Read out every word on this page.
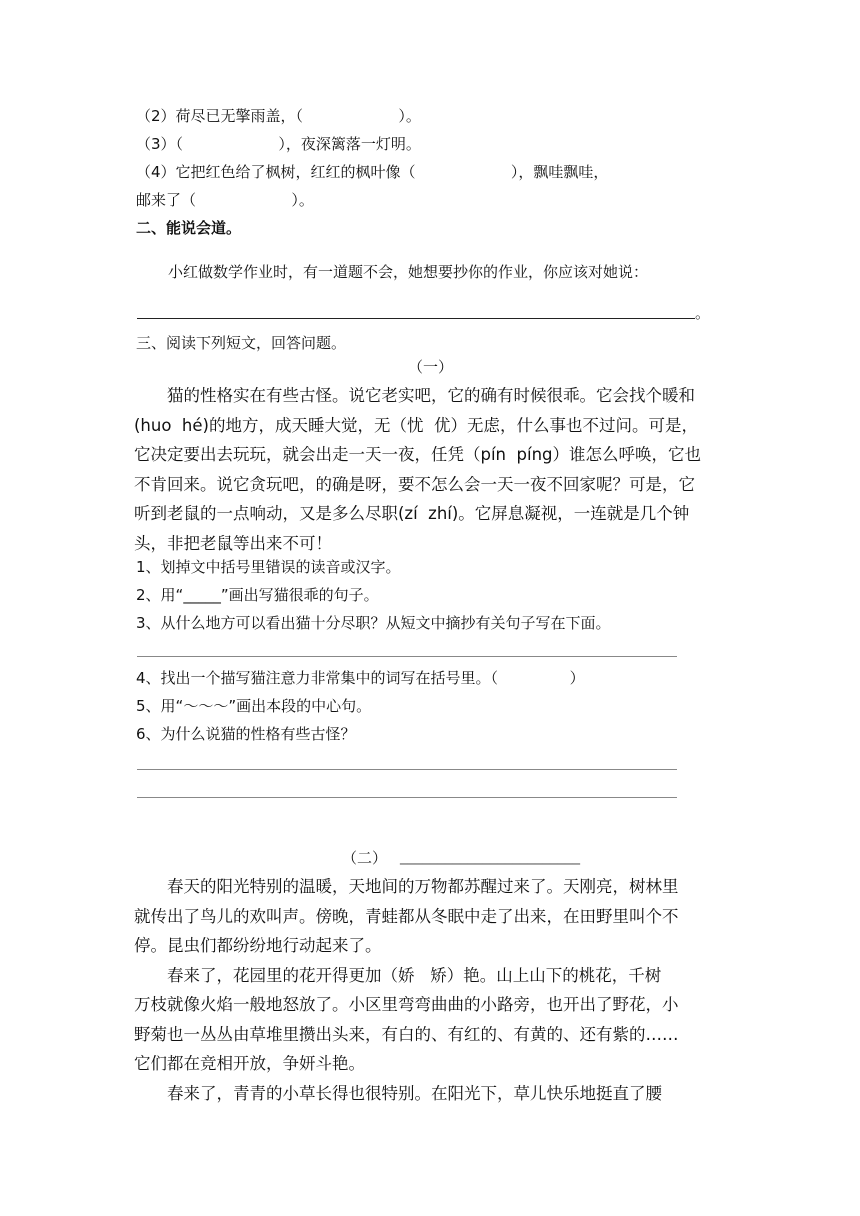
（2）荷尽已无擎雨盖，（                    ）。
（3）（                    ），夜深篱落一灯明。
（4）它把红色给了枫树，红红的枫叶像（                    ），飘哇飘哇，
邮来了（                    ）。
二、能说会道。
小红做数学作业时，有一道题不会，她想要抄你的作业，你应该对她说：
。
三、阅读下列短文，回答问题。
（一）
　　猫的性格实在有些古怪。说它老实吧，它的确有时候很乖。它会找个暖和
(huo  hé)的地方，成天睡大觉，无（忧  优）无虑，什么事也不过问。可是，
它决定要出去玩玩，就会出走一天一夜，任凭（pín  píng）谁怎么呼唤，它也
不肯回来。说它贪玩吧，的确是呀，要不怎么会一天一夜不回家呢？可是，它
听到老鼠的一点响动，又是多么尽职(zí  zhí)。它屏息凝视，一连就是几个钟
头，非把老鼠等出来不可！
1、划掉文中括号里错误的读音或汉字。
2、用“_____”画出写猫很乖的句子。
3、从什么地方可以看出猫十分尽职？从短文中摘抄有关句子写在下面。
4、找出一个描写猫注意力非常集中的词写在括号里。（               ）
5、用“～～～”画出本段的中心句。
6、为什么说猫的性格有些古怪？
（二） ________________________
　　春天的阳光特别的温暖，天地间的万物都苏醒过来了。天刚亮，树林里
就传出了鸟儿的欢叫声。傍晚，青蛙都从冬眠中走了出来，在田野里叫个不
停。昆虫们都纷纷地行动起来了。
　　春来了，花园里的花开得更加（娇   矫）艳。山上山下的桃花，千树
万枝就像火焰一般地怒放了。小区里弯弯曲曲的小路旁，也开出了野花，小
野菊也一丛丛由草堆里攒出头来，有白的、有红的、有黄的、还有紫的……
它们都在竞相开放，争妍斗艳。
　　春来了，青青的小草长得也很特别。在阳光下，草儿快乐地挺直了腰
